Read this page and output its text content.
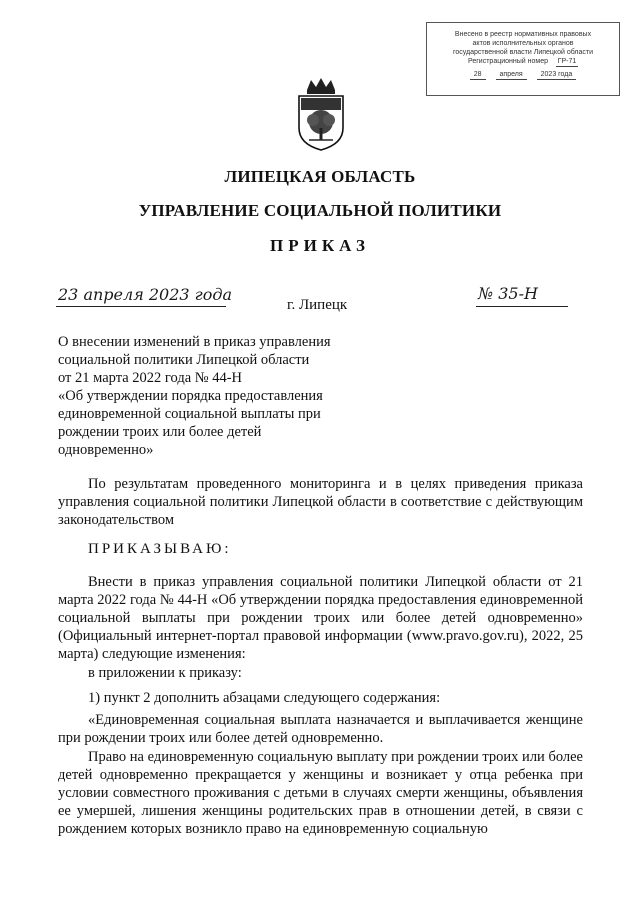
Внесено в реестр нормативных правовых
актов исполнительных органов
государственной власти Липецкой области
Регистрационный номер ГР-71
28	апреля	2023 года
ЛИПЕЦКАЯ ОБЛАСТЬ
УПРАВЛЕНИЕ СОЦИАЛЬНОЙ ПОЛИТИКИ
ПРИКАЗ
23 апреля 2023 года
г. Липецк
№ 35-Н
О внесении изменений в приказ управления
социальной политики Липецкой области
от 21 марта 2022 года № 44-Н
«Об утверждении порядка предоставления
единовременной социальной выплаты при
рождении троих или более детей
одновременно»
По результатам проведенного мониторинга и в целях приведения приказа управления социальной политики Липецкой области в соответствие с действующим законодательством
ПРИКАЗЫВАЮ:
Внести в приказ управления социальной политики Липецкой области от 21 марта 2022 года № 44-Н «Об утверждении порядка предоставления единовременной социальной выплаты при рождении троих или более детей одновременно» (Официальный интернет-портал правовой информации (www.pravo.gov.ru), 2022, 25 марта) следующие изменения:
в приложении к приказу:
1) пункт 2 дополнить абзацами следующего содержания:
«Единовременная социальная выплата назначается и выплачивается женщине при рождении троих или более детей одновременно.
Право на единовременную социальную выплату при рождении троих или более детей одновременно прекращается у женщины и возникает у отца ребенка при условии совместного проживания с детьми в случаях смерти женщины, объявления ее умершей, лишения женщины родительских прав в отношении детей, в связи с рождением которых возникло право на единовременную социальную
